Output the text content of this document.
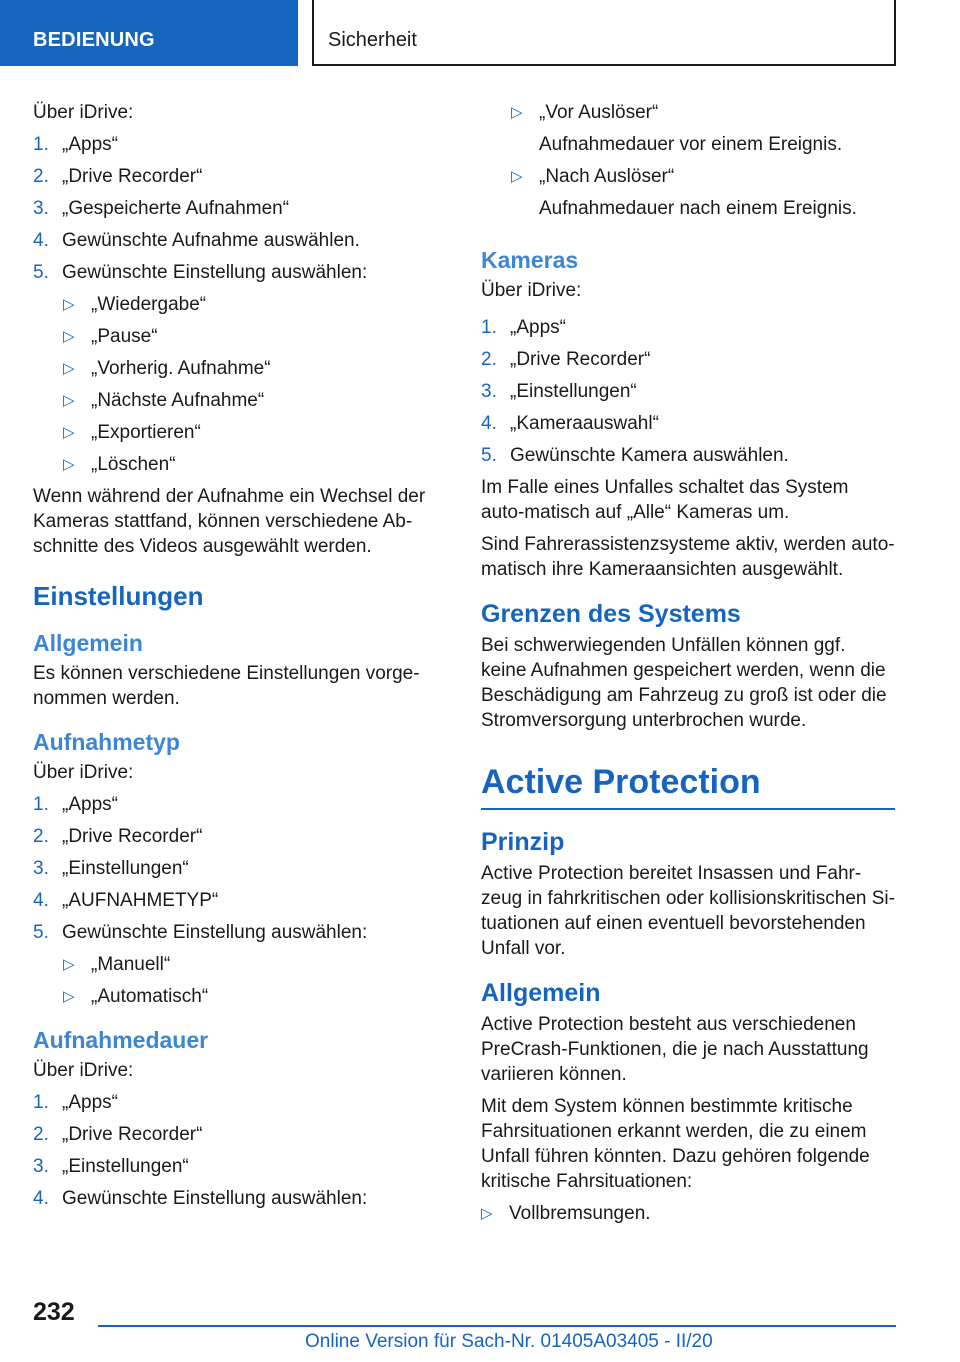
BEDIENUNG	Sicherheit

Über iDrive:

1. „Apps“
2. „Drive Recorder“
3. „Gespeicherte Aufnahmen“
4. Gewünschte Aufnahme auswählen.
5. Gewünschte Einstellung auswählen:
▷ „Wiedergabe“
▷ „Pause“
▷ „Vorherig. Aufnahme“
▷ „Nächste Aufnahme“
▷ „Exportieren“
▷ „Löschen“

Wenn während der Aufnahme ein Wechsel der Kameras stattfand, können verschiedene Ab-schnitte des Videos ausgewählt werden.

Einstellungen
Allgemein

Es können verschiedene Einstellungen vorge-nommen werden.

Aufnahmetyp

Über iDrive:

1. „Apps“
2. „Drive Recorder“
3. „Einstellungen“
4. „AUFNAHMETYP“
5. Gewünschte Einstellung auswählen:
▷ „Manuell“
▷ „Automatisch“
Aufnahmedauer

Über iDrive:

1. „Apps“
2. „Drive Recorder“
3. „Einstellungen“
4. Gewünschte Einstellung auswählen:
▷ „Vor Auslöser“
Aufnahmedauer vor einem Ereignis.
▷ „Nach Auslöser“
Aufnahmedauer nach einem Ereignis.
Kameras

Über iDrive:

1. „Apps“
2. „Drive Recorder“
3. „Einstellungen“
4. „Kameraauswahl“
5. Gewünschte Kamera auswählen.

Im Falle eines Unfalles schaltet das System auto-matisch auf „Alle“ Kameras um.

Sind Fahrerassistenzsysteme aktiv, werden auto-matisch ihre Kameraansichten ausgewählt.

Grenzen des Systems

Bei schwerwiegenden Unfällen können ggf. keine Aufnahmen gespeichert werden, wenn die Beschädigung am Fahrzeug zu groß ist oder die Stromversorgung unterbrochen wurde.

Active Protection
Prinzip

Active Protection bereitet Insassen und Fahr-zeug in fahrkritischen oder kollisionskritischen Si-tuationen auf einen eventuell bevorstehenden Unfall vor.

Allgemein

Active Protection besteht aus verschiedenen PreCrash-Funktionen, die je nach Ausstattung variieren können.

Mit dem System können bestimmte kritische Fahrsituationen erkannt werden, die zu einem Unfall führen könnten. Dazu gehören folgende kritische Fahrsituationen:

▷ Vollbremsungen.
232
Online Version für Sach-Nr. 01405A03405 - II/20
